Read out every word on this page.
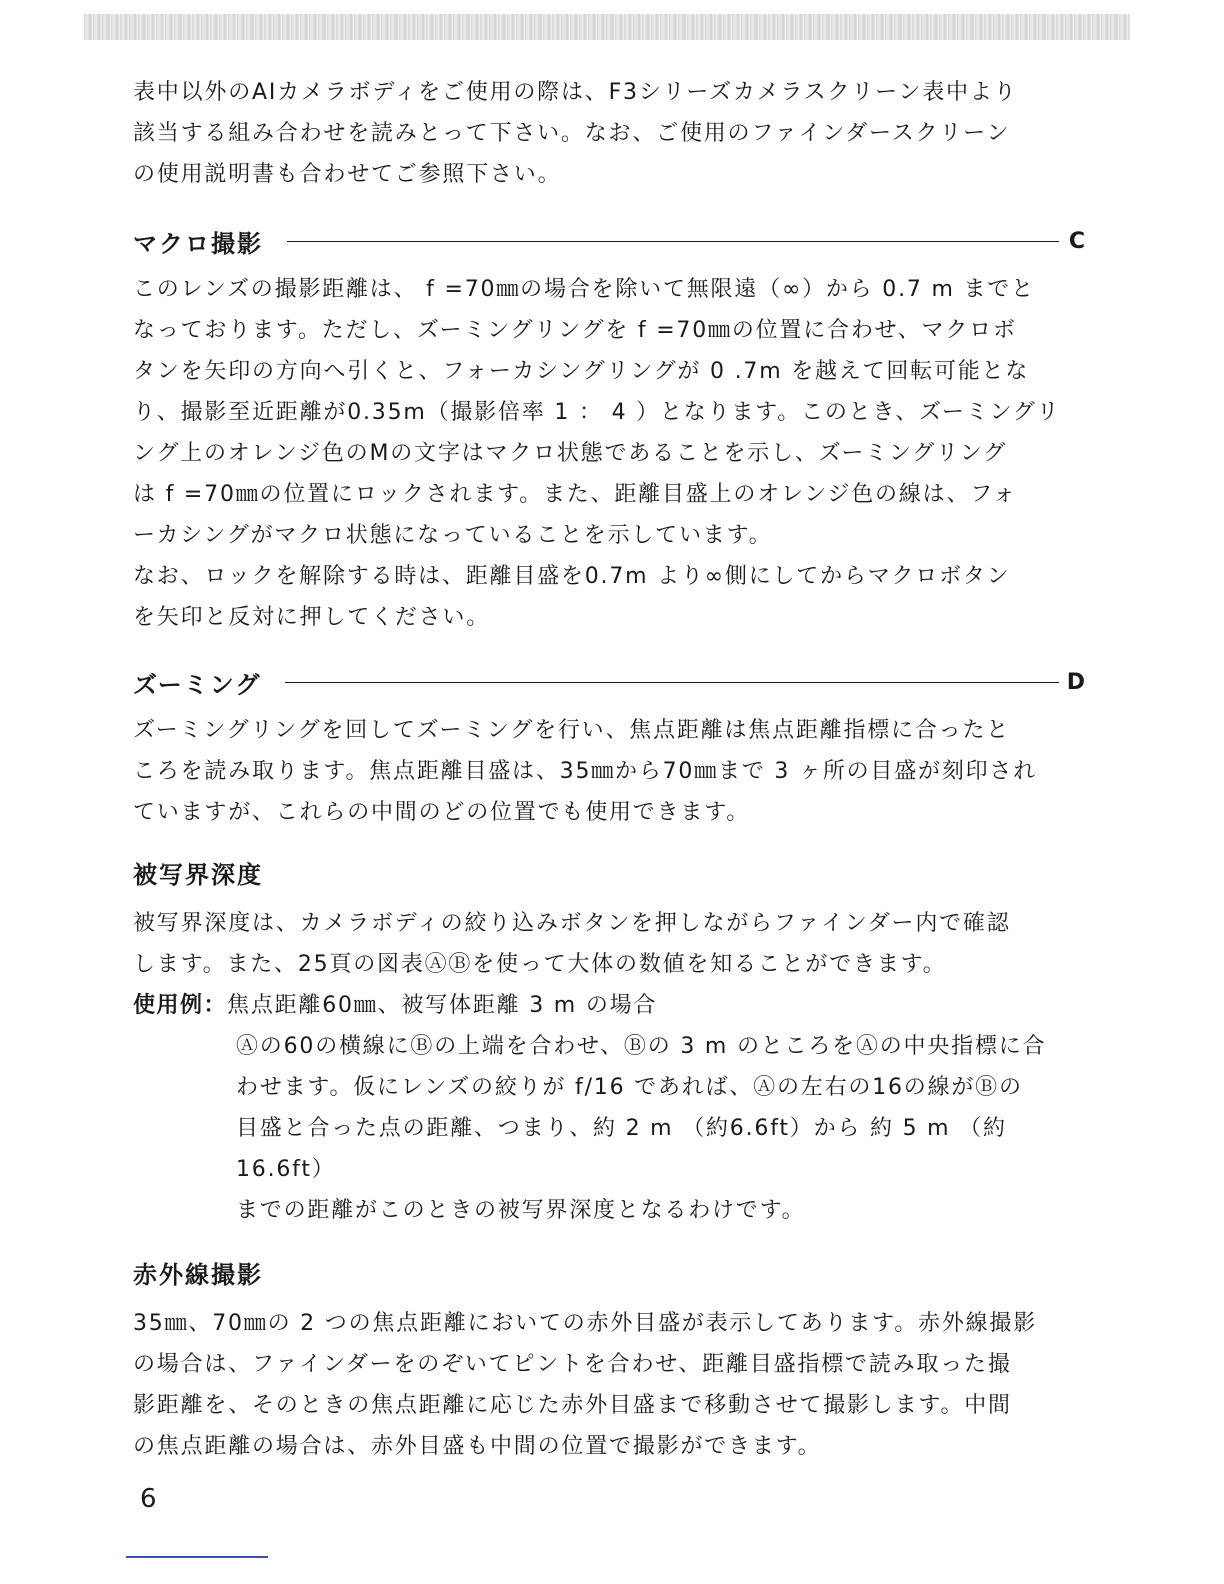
表中以外のAIカメラボディをご使用の際は、F3シリーズカメラスクリーン表中より

該当する組み合わせを読みとって下さい。なお、ご使用のファインダースクリーン

の使用説明書も合わせてご参照下さい。

マクロ撮影	C

このレンズの撮影距離は、 f =70㎜の場合を除いて無限遠（∞）から 0.7 m までと

なっております。ただし、ズーミングリングを f =70㎜の位置に合わせ、マクロボ

タンを矢印の方向へ引くと、フォーカシングリングが 0 .7m を越えて回転可能とな

り、撮影至近距離が0.35m（撮影倍率 1 ： 4 ）となります。このとき、ズーミングリ

ング上のオレンジ色のMの文字はマクロ状態であることを示し、ズーミングリング

は f =70㎜の位置にロックされます。また、距離目盛上のオレンジ色の線は、フォ

ーカシングがマクロ状態になっていることを示しています。

なお、ロックを解除する時は、距離目盛を0.7m より∞側にしてからマクロボタン

を矢印と反対に押してください。

ズーミング	D

ズーミングリングを回してズーミングを行い、焦点距離は焦点距離指標に合ったと

ころを読み取ります。焦点距離目盛は、35㎜から70㎜まで 3 ヶ所の目盛が刻印され

ていますが、これらの中間のどの位置でも使用できます。

被写界深度

被写界深度は、カメラボディの絞り込みボタンを押しながらファインダー内で確認

します。また、25頁の図表ⒶⒷを使って大体の数値を知ることができます。

使用例： 焦点距離60㎜、被写体距離 3 m の場合

Ⓐの60の横線にⒷの上端を合わせ、Ⓑの 3 m のところをⒶの中央指標に合

わせます。仮にレンズの絞りが f/16 であれば、Ⓐの左右の16の線がⒷの

目盛と合った点の距離、つまり、約 2 m （約6.6ft）から 約 5 m （約16.6ft）

までの距離がこのときの被写界深度となるわけです。

赤外線撮影

35㎜、70㎜の 2 つの焦点距離においての赤外目盛が表示してあります。赤外線撮影

の場合は、ファインダーをのぞいてピントを合わせ、距離目盛指標で読み取った撮

影距離を、そのときの焦点距離に応じた赤外目盛まで移動させて撮影します。中間

の焦点距離の場合は、赤外目盛も中間の位置で撮影ができます。

6
